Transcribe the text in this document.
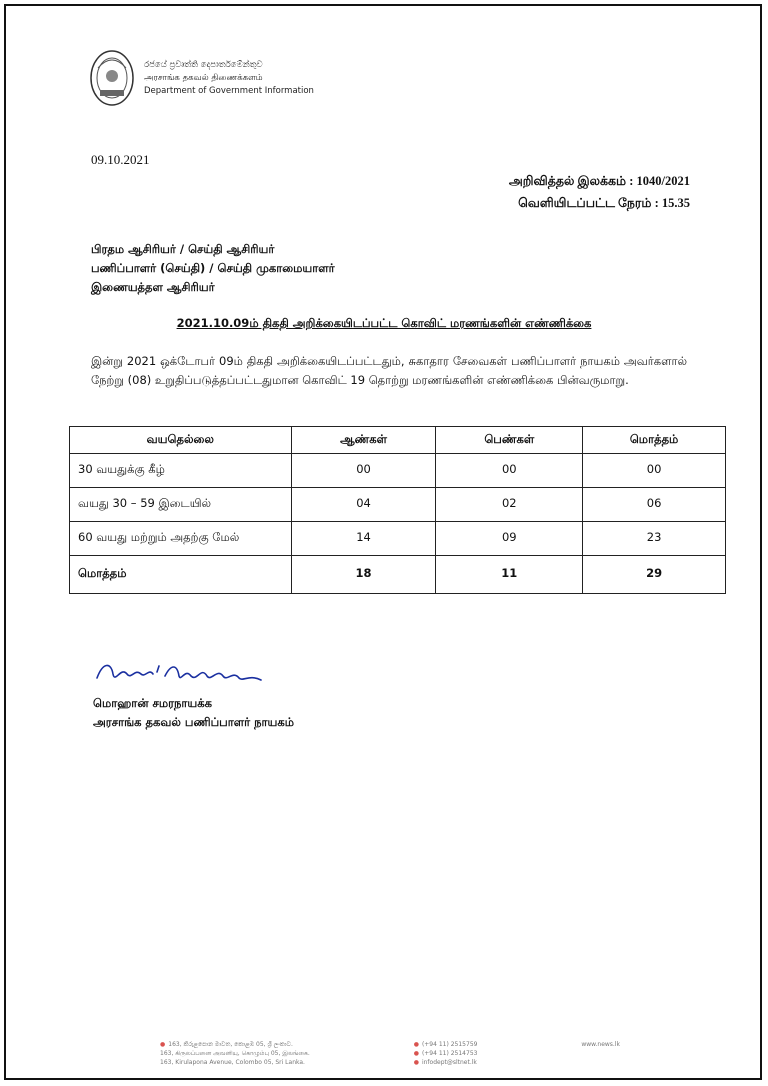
රජයේ ප්‍රවෘත්ති දෙපාර්තමේන්තුව
அரசாங்க தகவல் திணைக்களம்
Department of Government Information
09.10.2021
அறிவித்தல் இலக்கம் : 1040/2021
வெளியிடப்பட்ட நேரம் : 15.35
பிரதம ஆசிரியர் / செய்தி ஆசிரியர்
பணிப்பாளர் (செய்தி) / செய்தி முகாமையாளர்
இணையத்தள ஆசிரியர்
2021.10.09ம் திகதி அறிக்கையிடப்பட்ட கொவிட் மரணங்களின் எண்ணிக்கை
இன்று 2021 ஒக்டோபர் 09ம் திகதி அறிக்கையிடப்பட்டதும், சுகாதார சேவைகள் பணிப்பாளர் நாயகம் அவர்களால் நேற்று (08) உறுதிப்படுத்தப்பட்டதுமான கொவிட் 19 தொற்று மரணங்களின் எண்ணிக்கை பின்வருமாறு.
வயதெல்லை	ஆண்கள்	பெண்கள்	மொத்தம்
30 வயதுக்கு கீழ்	00	00	00
வயது 30 – 59 இடையில்	04	02	06
60 வயது மற்றும் அதற்கு மேல்	14	09	23
மொத்தம்	18	11	29
மொஹான் சமரநாயக்க
அரசாங்க தகவல் பணிப்பாளர் நாயகம்
● 163, කිරුළපොන මාවත, කොළඹ 05, ශ්‍රී ලංකාව.
163, கிருலப்பனை அவனியு, கொழும்பு 05, இலங்கை.
163, Kirulapona Avenue, Colombo 05, Sri Lanka.
● (+94 11) 2515759
● (+94 11) 2514753
● infodept@sltnet.lk
www.news.lk
